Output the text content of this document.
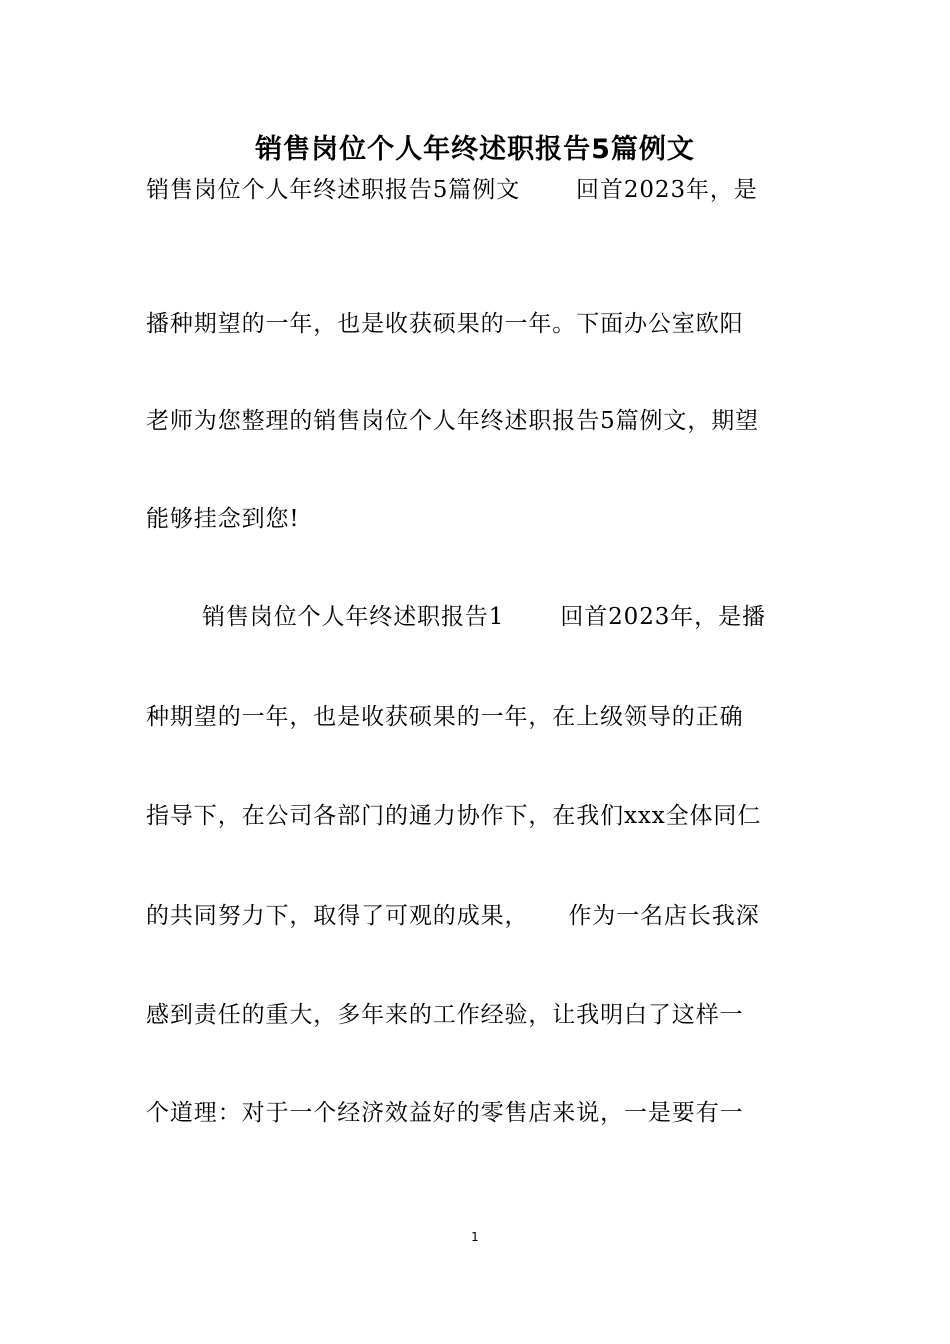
销售岗位个人年终述职报告5篇例文
销售岗位个人年终述职报告5篇例文 回首2023年，是
播种期望的一年，也是收获硕果的一年。下面办公室欧阳
老师为您整理的销售岗位个人年终述职报告5篇例文，期望
能够挂念到您!
销售岗位个人年终述职报告1 回首2023年，是播
种期望的一年，也是收获硕果的一年，在上级领导的正确
指导下，在公司各部门的通力协作下，在我们xxx全体同仁
的共同努力下，取得了可观的成果， 作为一名店长我深
感到责任的重大，多年来的工作经验，让我明白了这样一
个道理：对于一个经济效益好的零售店来说，一是要有一
1
